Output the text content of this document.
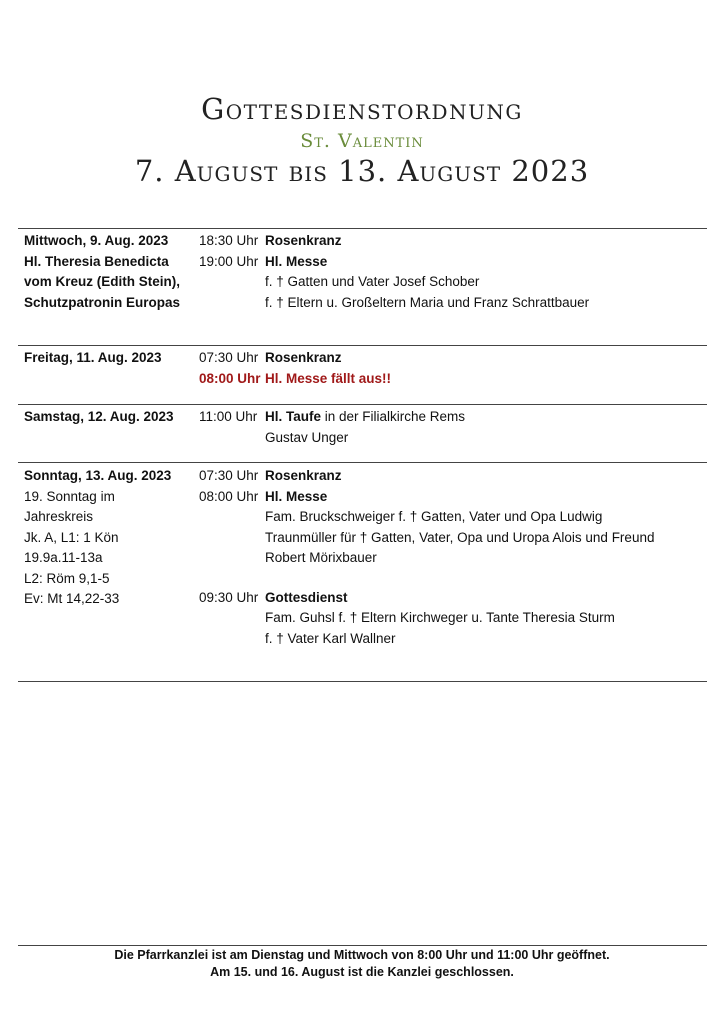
Gottesdienstordnung
St. Valentin
7. August bis 13. August 2023
Mittwoch, 9. Aug. 2023
Hl. Theresia Benedicta
vom Kreuz (Edith Stein),
Schutzpatronin Europas
18:30 Uhr
19:00 Uhr
Rosenkranz
Hl. Messe
f. † Gatten und Vater Josef Schober
f. † Eltern u. Großeltern Maria und Franz Schrattbauer
Freitag, 11. Aug. 2023	07:30 Uhr
08:00 Uhr
Rosenkranz
Hl. Messe fällt aus!!
Samstag, 12. Aug. 2023	11:00 Uhr Hl. Taufe in der Filialkirche Rems
Gustav Unger
Sonntag, 13. Aug. 2023
19. Sonntag im
Jahreskreis
Jk. A, L1: 1 Kön
19.9a.11-13a
L2: Röm 9,1-5
Ev: Mt 14,22-33
07:30 Uhr
08:00 Uhr
09:30 Uhr
Rosenkranz
Hl. Messe
Fam. Bruckschweiger f. † Gatten, Vater und Opa Ludwig
Traunmüller für † Gatten, Vater, Opa und Uropa Alois und Freund
Robert Mörixbauer
Gottesdienst
Fam. Guhsl f. † Eltern Kirchweger u. Tante Theresia Sturm
f. † Vater Karl Wallner
Die Pfarrkanzlei ist am Dienstag und Mittwoch von 8:00 Uhr und 11:00 Uhr geöffnet.
Am 15. und 16. August ist die Kanzlei geschlossen.
